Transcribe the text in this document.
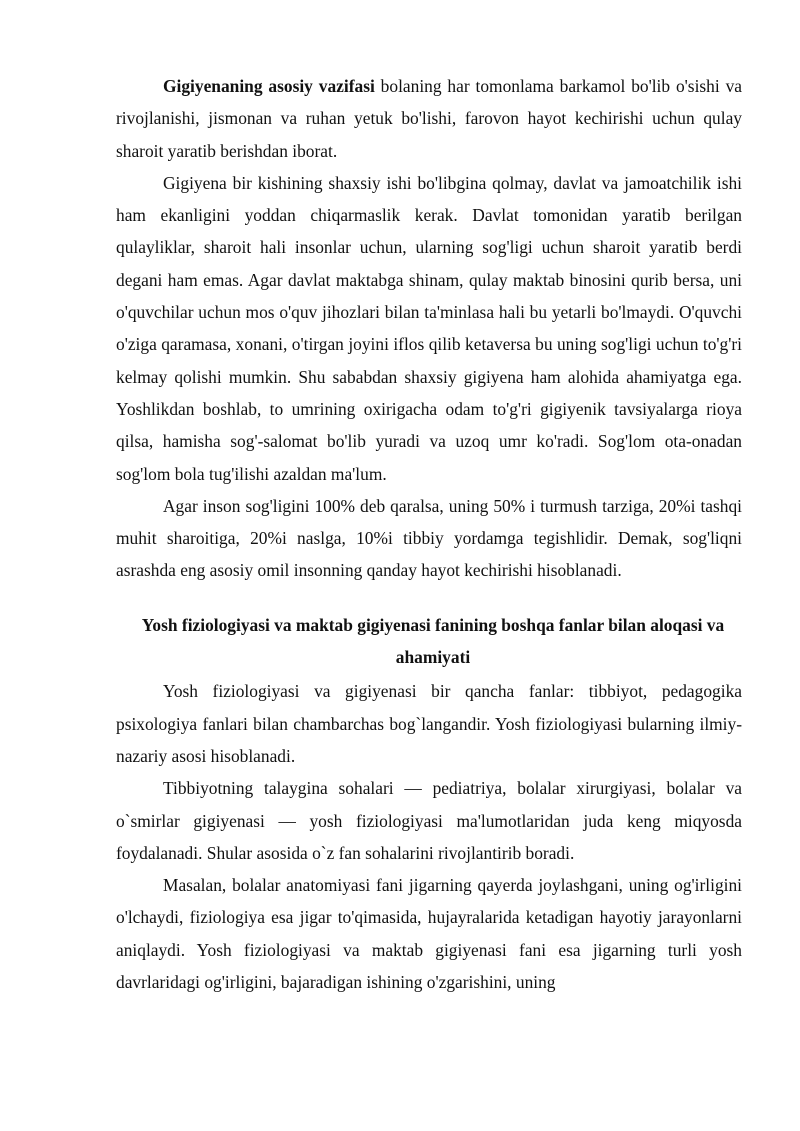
Gigiyenaning asosiy vazifasi bolaning har tomonlama barkamol bo'lib o'sishi va rivojlanishi, jismonan va ruhan yetuk bo'lishi, farovon hayot kechirishi uchun qulay sharoit yaratib berishdan iborat.

Gigiyena bir kishining shaxsiy ishi bo'libgina qolmay, davlat va jamoatchilik ishi ham ekanligini yoddan chiqarmaslik kerak. Davlat tomonidan yaratib berilgan qulayliklar, sharoit hali insonlar uchun, ularning sog'ligi uchun sharoit yaratib berdi degani ham emas. Agar davlat maktabga shinam, qulay maktab binosini qurib bersa, uni o'quvchilar uchun mos o'quv jihozlari bilan ta'minlasa hali bu yetarli bo'lmaydi. O'quvchi o'ziga qaramasa, xonani, o'tirgan joyini iflos qilib ketaversa bu uning sog'ligi uchun to'g'ri kelmay qolishi mumkin. Shu sababdan shaxsiy gigiyena ham alohida ahamiyatga ega. Yoshlikdan boshlab, to umrining oxirigacha odam to'g'ri gigiyenik tavsiyalarga rioya qilsa, hamisha sog'-salomat bo'lib yuradi va uzoq umr ko'radi. Sog'lom ota-onadan sog'lom bola tug'ilishi azaldan ma'lum.

Agar inson sog'ligini 100% deb qaralsa, uning 50% i turmush tarziga, 20%i tashqi muhit sharoitiga, 20%i naslga, 10%i tibbiy yordamga tegishlidir. Demak, sog'liqni asrashda eng asosiy omil insonning qanday hayot kechirishi hisoblanadi.

Yosh fiziologiyasi va maktab gigiyenasi fanining boshqa fanlar bilan aloqasi va ahamiyati

Yosh fiziologiyasi va gigiyenasi bir qancha fanlar: tibbiyot, pedagogika psixologiya fanlari bilan chambarchas bog`langandir. Yosh fiziologiyasi bularning ilmiy-nazariy asosi hisoblanadi.

Tibbiyotning talaygina sohalari — pediatriya, bolalar xirurgiyasi, bolalar va o`smirlar gigiyenasi — yosh fiziologiyasi ma'lumotlaridan juda keng miqyosda foydalanadi. Shular asosida o`z fan sohalarini rivojlantirib boradi.

Masalan, bolalar anatomiyasi fani jigarning qayerda joylashgani, uning og'irligini o'lchaydi, fiziologiya esa jigar to'qimasida, hujayralarida ketadigan hayotiy jarayonlarni aniqlaydi. Yosh fiziologiyasi va maktab gigiyenasi fani esa jigarning turli yosh davrlaridagi og'irligini, bajaradigan ishining o'zgarishini, uning
